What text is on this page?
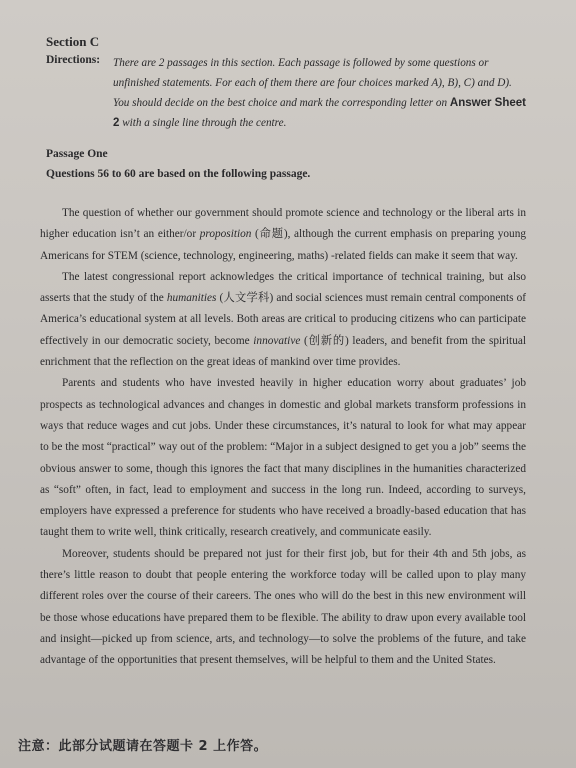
Section C
Directions: There are 2 passages in this section. Each passage is followed by some questions or unfinished statements. For each of them there are four choices marked A), B), C) and D). You should decide on the best choice and mark the corresponding letter on Answer Sheet 2 with a single line through the centre.
Passage One
Questions 56 to 60 are based on the following passage.

The question of whether our government should promote science and technology or the liberal arts in higher education isn’t an either/or proposition (命题), although the current emphasis on preparing young Americans for STEM (science, technology, engineering, maths) -related fields can make it seem that way.

The latest congressional report acknowledges the critical importance of technical training, but also asserts that the study of the humanities (人文学科) and social sciences must remain central components of America’s educational system at all levels. Both areas are critical to producing citizens who can participate effectively in our democratic society, become innovative (创新的) leaders, and benefit from the spiritual enrichment that the reflection on the great ideas of mankind over time provides.

Parents and students who have invested heavily in higher education worry about graduates’ job prospects as technological advances and changes in domestic and global markets transform professions in ways that reduce wages and cut jobs. Under these circumstances, it’s natural to look for what may appear to be the most “practical” way out of the problem: “Major in a subject designed to get you a job” seems the obvious answer to some, though this ignores the fact that many disciplines in the humanities characterized as “soft” often, in fact, lead to employment and success in the long run. Indeed, according to surveys, employers have expressed a preference for students who have received a broadly-based education that has taught them to write well, think critically, research creatively, and communicate easily.

Moreover, students should be prepared not just for their first job, but for their 4th and 5th jobs, as there’s little reason to doubt that people entering the workforce today will be called upon to play many different roles over the course of their careers. The ones who will do the best in this new environment will be those whose educations have prepared them to be flexible. The ability to draw upon every available tool and insight—picked up from science, arts, and technology—to solve the problems of the future, and take advantage of the opportunities that present themselves, will be helpful to them and the United States.

注意：此部分试题请在答题卡 2 上作答。
